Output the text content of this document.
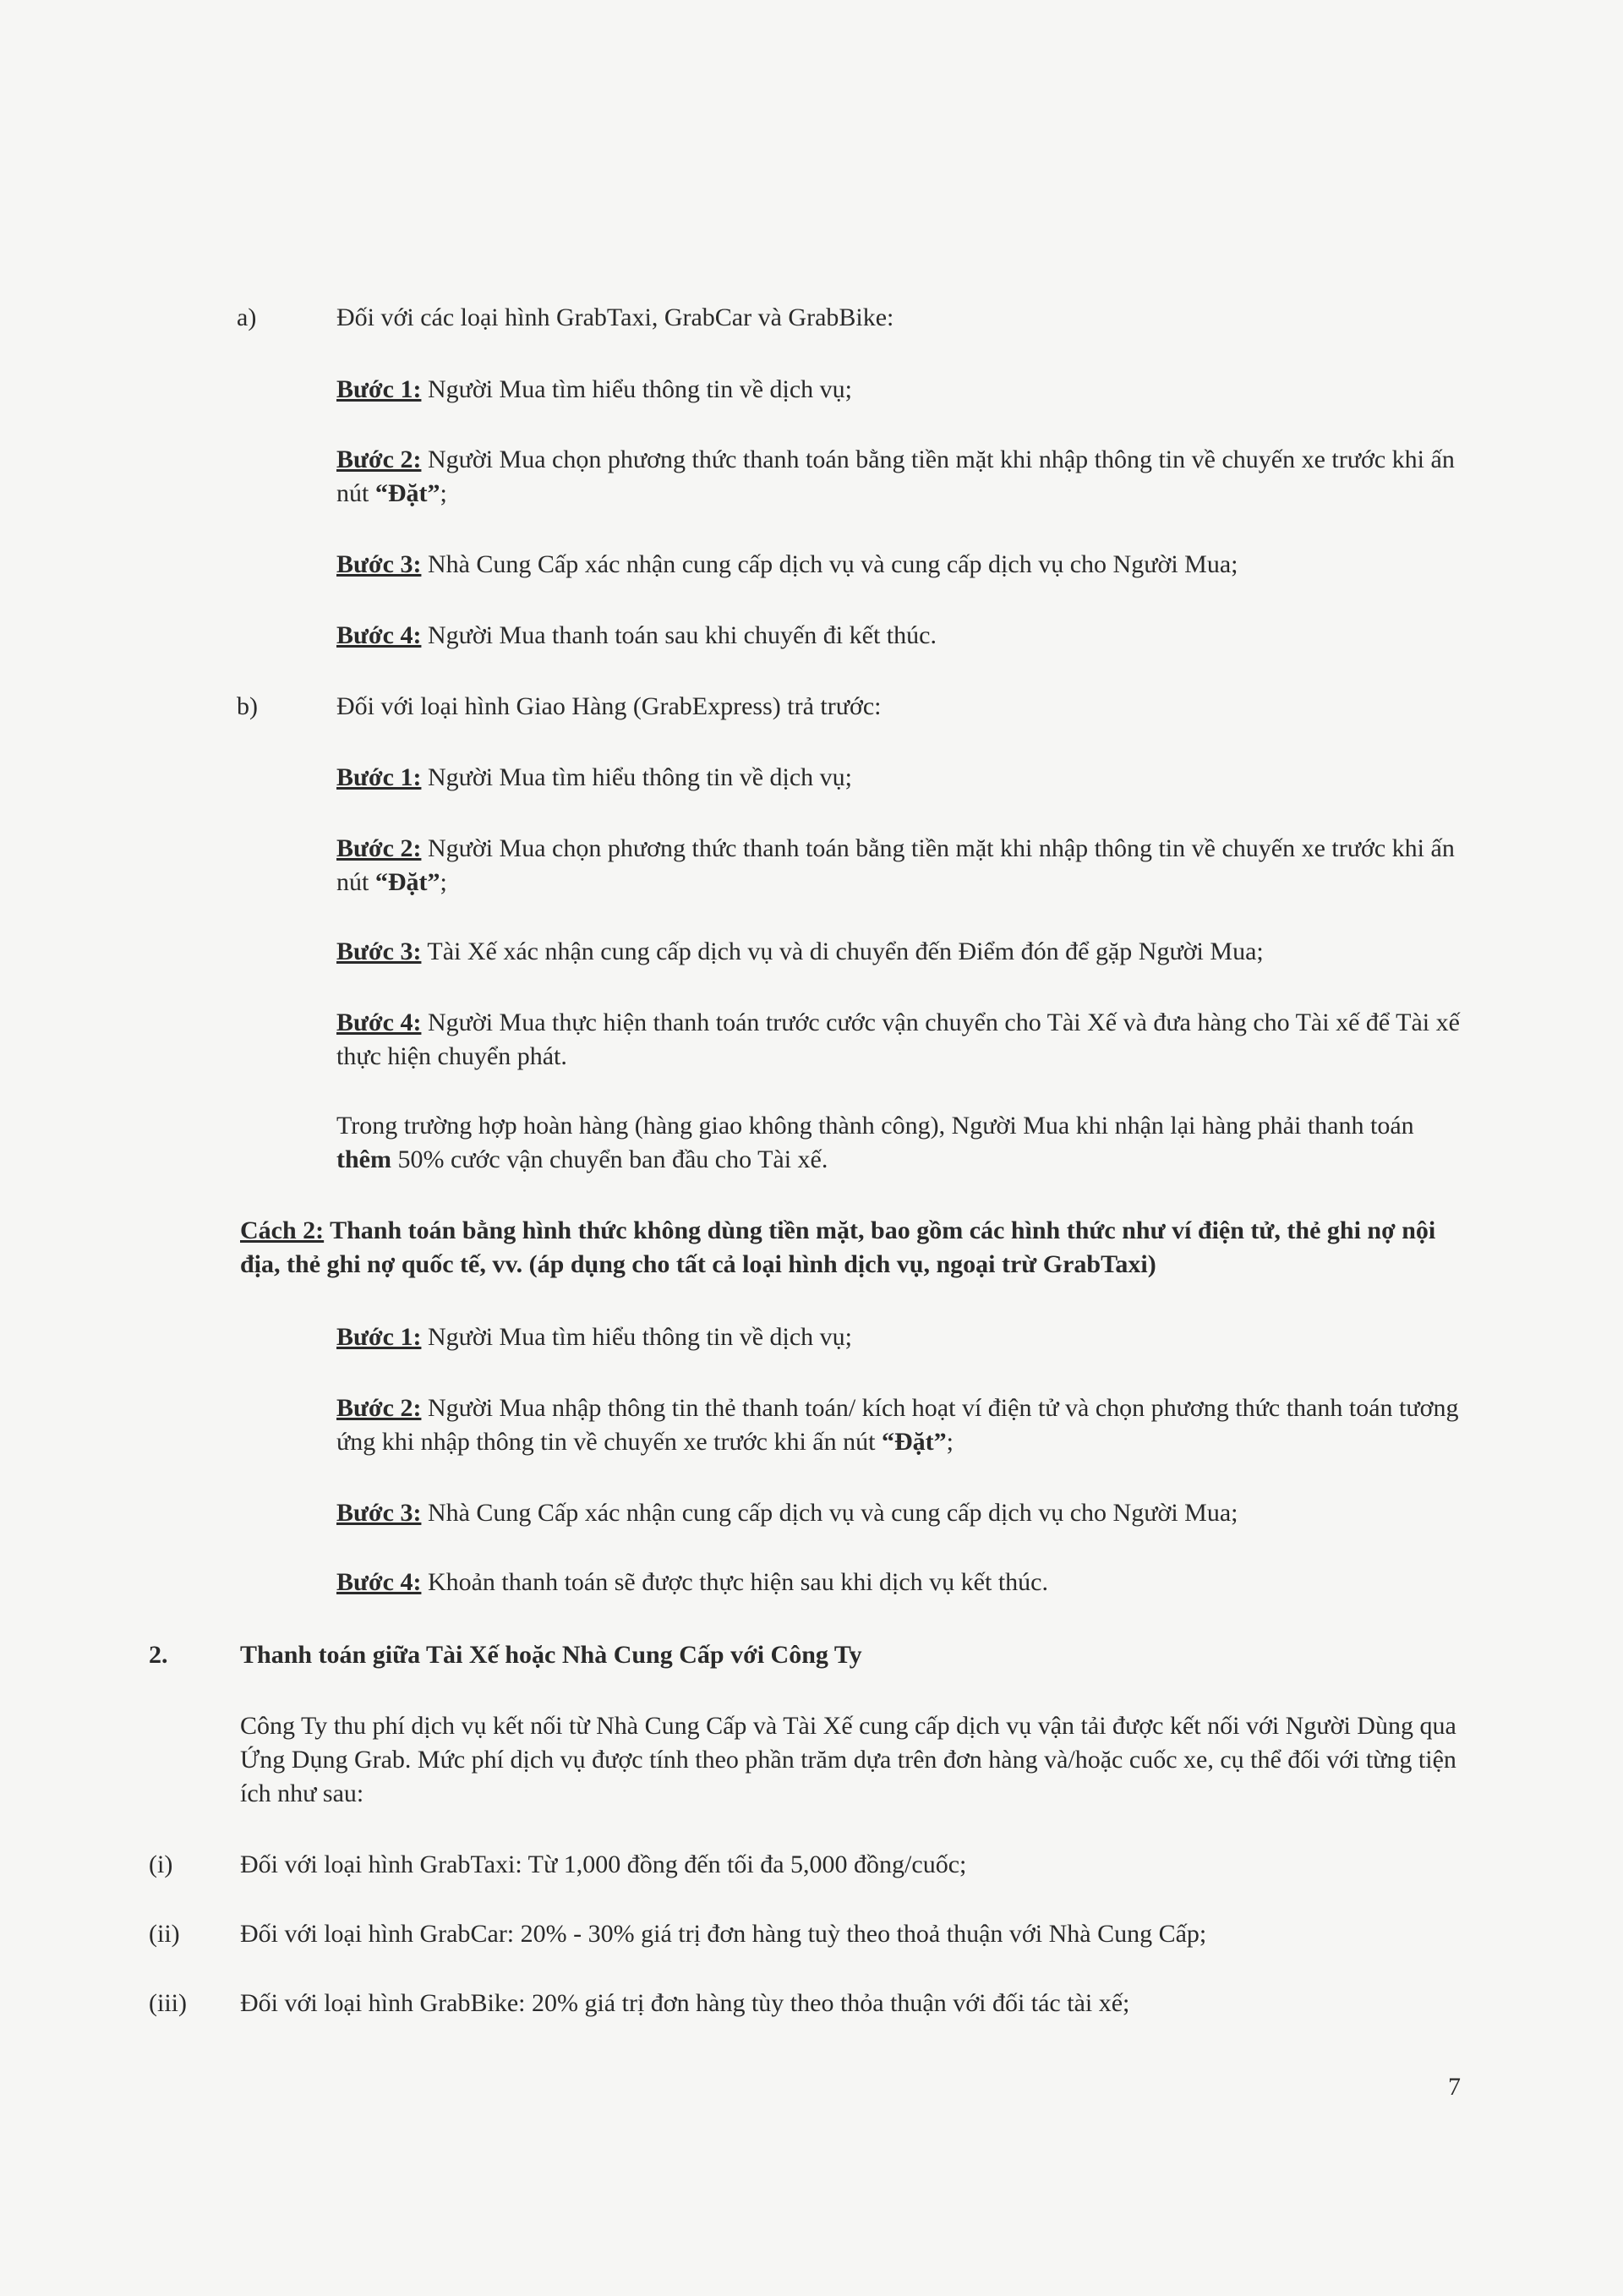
a)	Đối với các loại hình GrabTaxi, GrabCar và GrabBike:
Bước 1: Người Mua tìm hiểu thông tin về dịch vụ;
Bước 2: Người Mua chọn phương thức thanh toán bằng tiền mặt khi nhập thông tin về chuyến xe trước khi ấn nút “Đặt”;
Bước 3: Nhà Cung Cấp xác nhận cung cấp dịch vụ và cung cấp dịch vụ cho Người Mua;
Bước 4: Người Mua thanh toán sau khi chuyến đi kết thúc.
b)	Đối với loại hình Giao Hàng (GrabExpress) trả trước:
Bước 1: Người Mua tìm hiểu thông tin về dịch vụ;
Bước 2: Người Mua chọn phương thức thanh toán bằng tiền mặt khi nhập thông tin về chuyến xe trước khi ấn nút “Đặt”;
Bước 3: Tài Xế xác nhận cung cấp dịch vụ và di chuyển đến Điểm đón để gặp Người Mua;
Bước 4: Người Mua thực hiện thanh toán trước cước vận chuyển cho Tài Xế và đưa hàng cho Tài xế để Tài xế thực hiện chuyển phát.
Trong trường hợp hoàn hàng (hàng giao không thành công), Người Mua khi nhận lại hàng phải thanh toán thêm 50% cước vận chuyển ban đầu cho Tài xế.
Cách 2: Thanh toán bằng hình thức không dùng tiền mặt, bao gồm các hình thức như ví điện tử, thẻ ghi nợ nội địa, thẻ ghi nợ quốc tế, vv. (áp dụng cho tất cả loại hình dịch vụ, ngoại trừ GrabTaxi)
Bước 1: Người Mua tìm hiểu thông tin về dịch vụ;
Bước 2: Người Mua nhập thông tin thẻ thanh toán/ kích hoạt ví điện tử và chọn phương thức thanh toán tương ứng khi nhập thông tin về chuyến xe trước khi ấn nút “Đặt”;
Bước 3: Nhà Cung Cấp xác nhận cung cấp dịch vụ và cung cấp dịch vụ cho Người Mua;
Bước 4: Khoản thanh toán sẽ được thực hiện sau khi dịch vụ kết thúc.
2.	Thanh toán giữa Tài Xế hoặc Nhà Cung Cấp với Công Ty
Công Ty thu phí dịch vụ kết nối từ Nhà Cung Cấp và Tài Xế cung cấp dịch vụ vận tải được kết nối với Người Dùng qua Ứng Dụng Grab. Mức phí dịch vụ được tính theo phần trăm dựa trên đơn hàng và/hoặc cuốc xe, cụ thể đối với từng tiện ích như sau:
(i)	Đối với loại hình GrabTaxi: Từ 1,000 đồng đến tối đa 5,000 đồng/cuốc;
(ii) Đối với loại hình GrabCar: 20% - 30% giá trị đơn hàng tuỳ theo thoả thuận với Nhà Cung Cấp;
(iii) Đối với loại hình GrabBike: 20% giá trị đơn hàng tùy theo thỏa thuận với đối tác tài xế;
7
